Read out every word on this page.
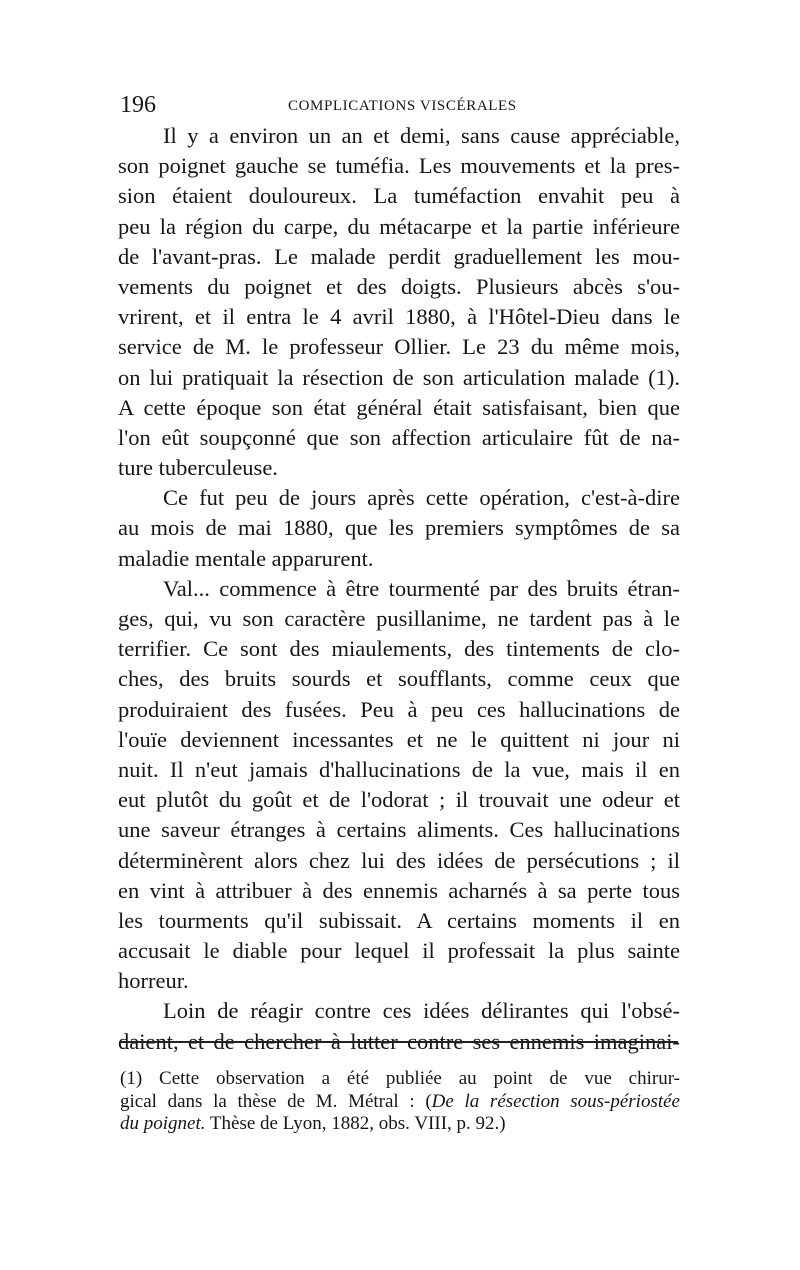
196	COMPLICATIONS VISCÉRALES
  Il y a environ un an et demi, sans cause appréciable,
son poignet gauche se tuméfia. Les mouvements et la pres-
sion étaient douloureux. La tuméfaction envahit peu à
peu la région du carpe, du métacarpe et la partie inférieure
de l'avant-pras. Le malade perdit graduellement les mou-
vements du poignet et des doigts. Plusieurs abcès s'ou-
vrirent, et il entra le 4 avril 1880, à l'Hôtel-Dieu dans le
service de M. le professeur Ollier. Le 23 du même mois,
on lui pratiquait la résection de son articulation malade (1).
A cette époque son état général était satisfaisant, bien que
l'on eût soupçonné que son affection articulaire fût de na-
ture tuberculeuse.
  Ce fut peu de jours après cette opération, c'est-à-dire
au mois de mai 1880, que les premiers symptômes de sa
maladie mentale apparurent.
  Val... commence à être tourmenté par des bruits étran-
ges, qui, vu son caractère pusillanime, ne tardent pas à le
terrifier. Ce sont des miaulements, des tintements de clo-
ches, des bruits sourds et soufflants, comme ceux que
produiraient des fusées. Peu à peu ces hallucinations de
l'ouïe deviennent incessantes et ne le quittent ni jour ni
nuit. Il n'eut jamais d'hallucinations de la vue, mais il en
eut plutôt du goût et de l'odorat ; il trouvait une odeur et
une saveur étranges à certains aliments. Ces hallucinations
déterminèrent alors chez lui des idées de persécutions ; il
en vint à attribuer à des ennemis acharnés à sa perte tous
les tourments qu'il subissait. A certains moments il en
accusait le diable pour lequel il professait la plus sainte
horreur.
  Loin de réagir contre ces idées délirantes qui l'obsé-
daient, et de chercher à lutter contre ses ennemis imaginai-
(1) Cette observation a été publiée au point de vue chirur-
gical dans la thèse de M. Métral : (De la résection sous-périostée
du poignet. Thèse de Lyon, 1882, obs. VIII, p. 92.)
